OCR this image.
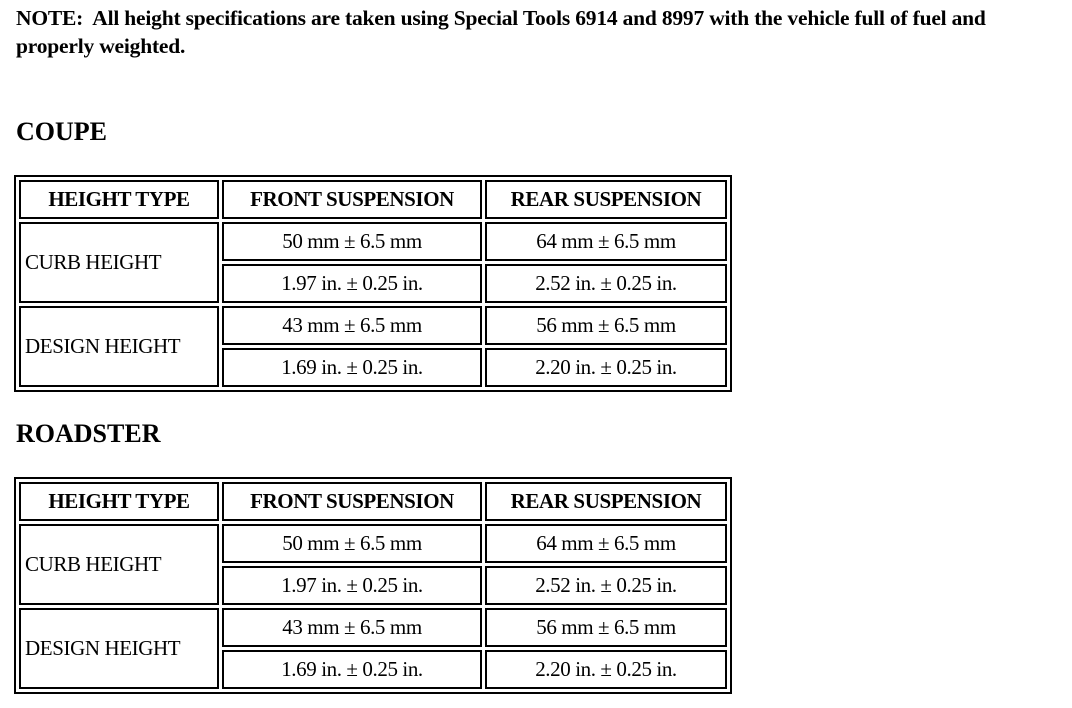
NOTE:  All height specifications are taken using Special Tools 6914 and 8997 with the vehicle full of fuel and properly weighted.
COUPE
HEIGHT TYPE	FRONT SUSPENSION	REAR SUSPENSION
CURB HEIGHT	50 mm ± 6.5 mm	64 mm ± 6.5 mm
	1.97 in. ± 0.25 in.	2.52 in. ± 0.25 in.
DESIGN HEIGHT	43 mm ± 6.5 mm	56 mm ± 6.5 mm
	1.69 in. ± 0.25 in.	2.20 in. ± 0.25 in.
ROADSTER
HEIGHT TYPE	FRONT SUSPENSION	REAR SUSPENSION
CURB HEIGHT	50 mm ± 6.5 mm	64 mm ± 6.5 mm
	1.97 in. ± 0.25 in.	2.52 in. ± 0.25 in.
DESIGN HEIGHT	43 mm ± 6.5 mm	56 mm ± 6.5 mm
	1.69 in. ± 0.25 in.	2.20 in. ± 0.25 in.
